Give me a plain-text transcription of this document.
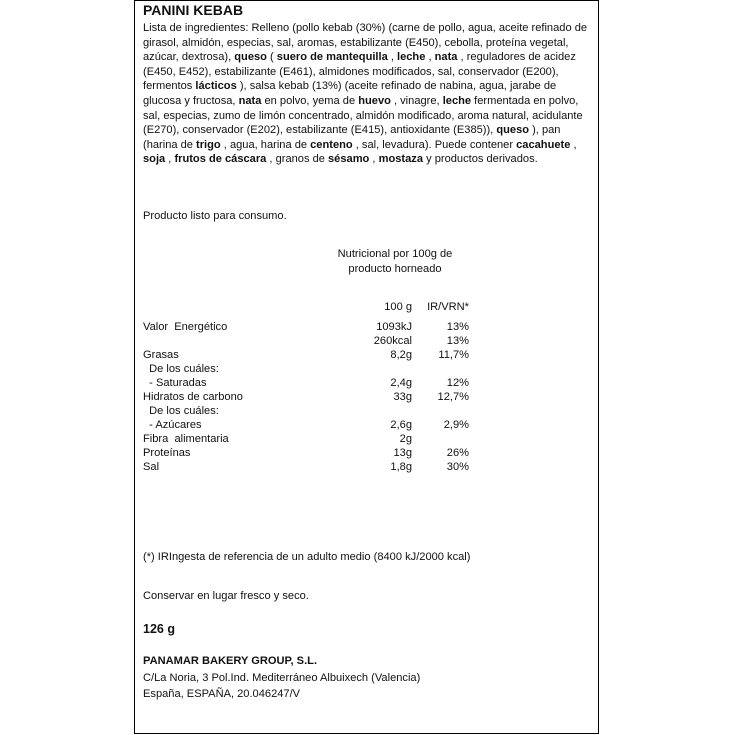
PANINI KEBAB
Lista de ingredientes: Relleno (pollo kebab (30%) (carne de pollo, agua, aceite refinado de girasol, almidón, especias, sal, aromas, estabilizante (E450), cebolla, proteína vegetal, azúcar, dextrosa), queso ( suero de mantequilla , leche , nata , reguladores de acidez (E450, E452), estabilizante (E461), almidones modificados, sal, conservador (E200), fermentos lácticos ), salsa kebab (13%) (aceite refinado de nabina, agua, jarabe de glucosa y fructosa, nata en polvo, yema de huevo , vinagre, leche fermentada en polvo, sal, especias, zumo de limón concentrado, almidón modificado, aroma natural, acidulante (E270), conservador (E202), estabilizante (E415), antioxidante (E385)), queso ), pan (harina de trigo , agua, harina de centeno , sal, levadura). Puede contener cacahuete , soja , frutos de cáscara , granos de sésamo , mostaza y productos derivados.
Producto listo para consumo.
Nutricional por 100g de
producto horneado
100 g IR/VRN*
Valor  Energético	1093kJ	13%
260kcal	13%
Grasas	8,2g 11,7%
De los cuáles:
- Saturadas	2,4g	12%
Hidratos de carbono	33g 12,7%
De los cuáles:
- Azúcares	2,6g	2,9%
Fibra  alimentaria	2g
Proteínas	13g	26%
Sal	1,8g	30%
(*) IRIngesta de referencia de un adulto medio (8400 kJ/2000 kcal)
Conservar en lugar fresco y seco.
126 g
PANAMAR BAKERY GROUP, S.L.
C/La Noria, 3 Pol.Ind. Mediterráneo Albuixech (Valencia)
España, ESPAÑA, 20.046247/V
